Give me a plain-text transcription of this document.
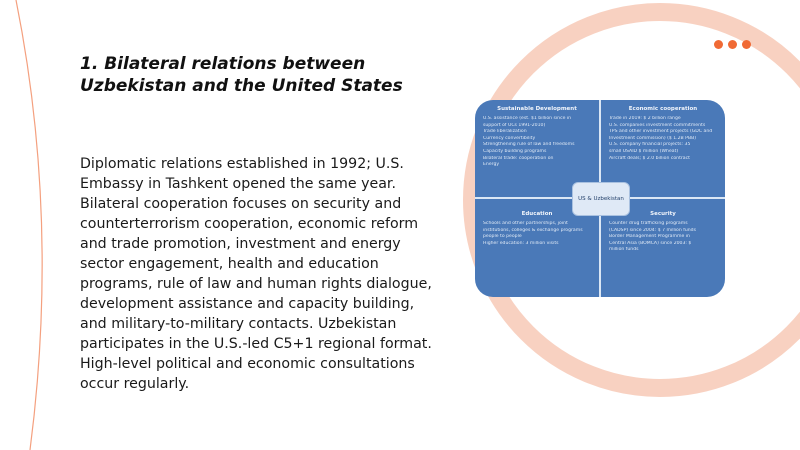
1. Bilateral relations between
Uzbekistan and the United States

Diplomatic relations established in 1992; U.S. Embassy in Tashkent opened the same year. Bilateral cooperation focuses on security and counterterrorism cooperation, economic reform and trade promotion, investment and energy sector engagement, health and education programs, rule of law and human rights dialogue, development assistance and capacity building, and military-to-military contacts. Uzbekistan participates in the U.S.-led C5+1 regional format. High-level political and economic consultations occur regularly.

Sustainable Development
U.S. assistance (est. $1 billion since in
support of UCs 1991-2010)
Trade liberalization
Currency convertibility
Strengthening rule of law and freedoms
Capacity building programs
Bilateral trade: cooperation on
Energy
Economic cooperation
Trade in 2019: $ 2 billion range
U.S. companies investment commitments
TPS and other investment projects (GDC and
Investment commission) ($ 1.2B PBB)
U.S. company financial projects: 35
small USAID $ million (Wheat)
Aircraft deals; $ 2.0 billion contract
Education
Schools and other partnerships, joint
institutions, colleges & exchange programs
people to people
Higher education: 3 million visits
Security
Counter drug trafficking programs
(CADSP) since 2004: $ 7 million funds
Border Management Programme in
Central Asia (BOMCA) since 2003: $
million funds
US & Uzbekistan
